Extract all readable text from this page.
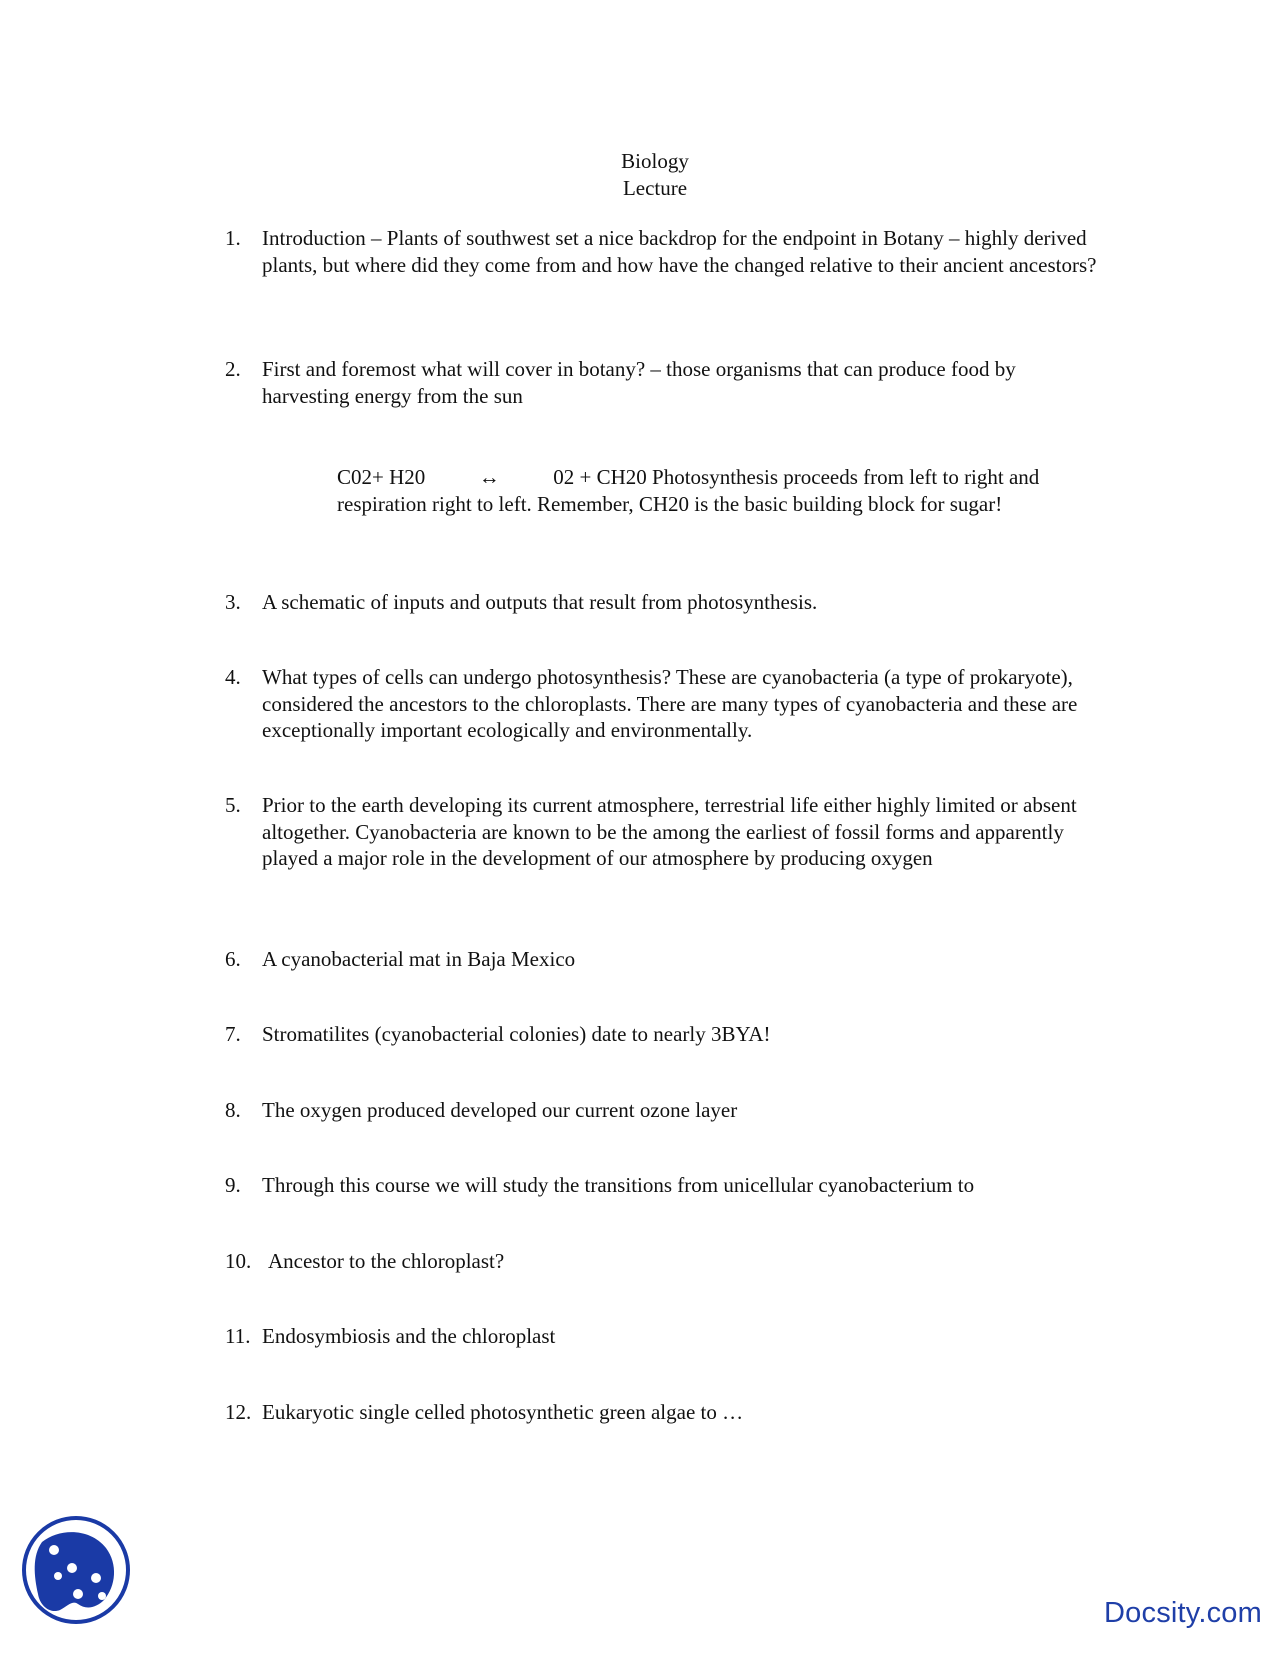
Biology
Lecture
1.	Introduction – Plants of southwest set a nice backdrop for the endpoint in Botany – highly derived plants, but where did they come from and how have the changed relative to their ancient ancestors?
2.	First and foremost what will cover in botany? – those organisms that can produce food by harvesting energy from the sun
C02+ H20	↔	02 + CH20 Photosynthesis proceeds from left to right and respiration right to left. Remember, CH20 is the basic building block for sugar!
3.	A schematic of inputs and outputs that result from photosynthesis.
4.	What types of cells can undergo photosynthesis? These are cyanobacteria (a type of prokaryote), considered the ancestors to the chloroplasts. There are many types of cyanobacteria and these are exceptionally important ecologically and environmentally.
5.	Prior to the earth developing its current atmosphere, terrestrial life either highly limited or absent altogether. Cyanobacteria are known to be the among the earliest of fossil forms and apparently played a major role in the development of our atmosphere by producing oxygen
6.	A cyanobacterial mat in Baja Mexico
7.	Stromatilites (cyanobacterial colonies) date to nearly 3BYA!
8.	The oxygen produced developed our current ozone layer
9.	Through this course we will study the transitions from unicellular cyanobacterium to
10. Ancestor to the chloroplast?
11. Endosymbiosis and the chloroplast
12. Eukaryotic single celled photosynthetic green algae to …
Docsity.com
